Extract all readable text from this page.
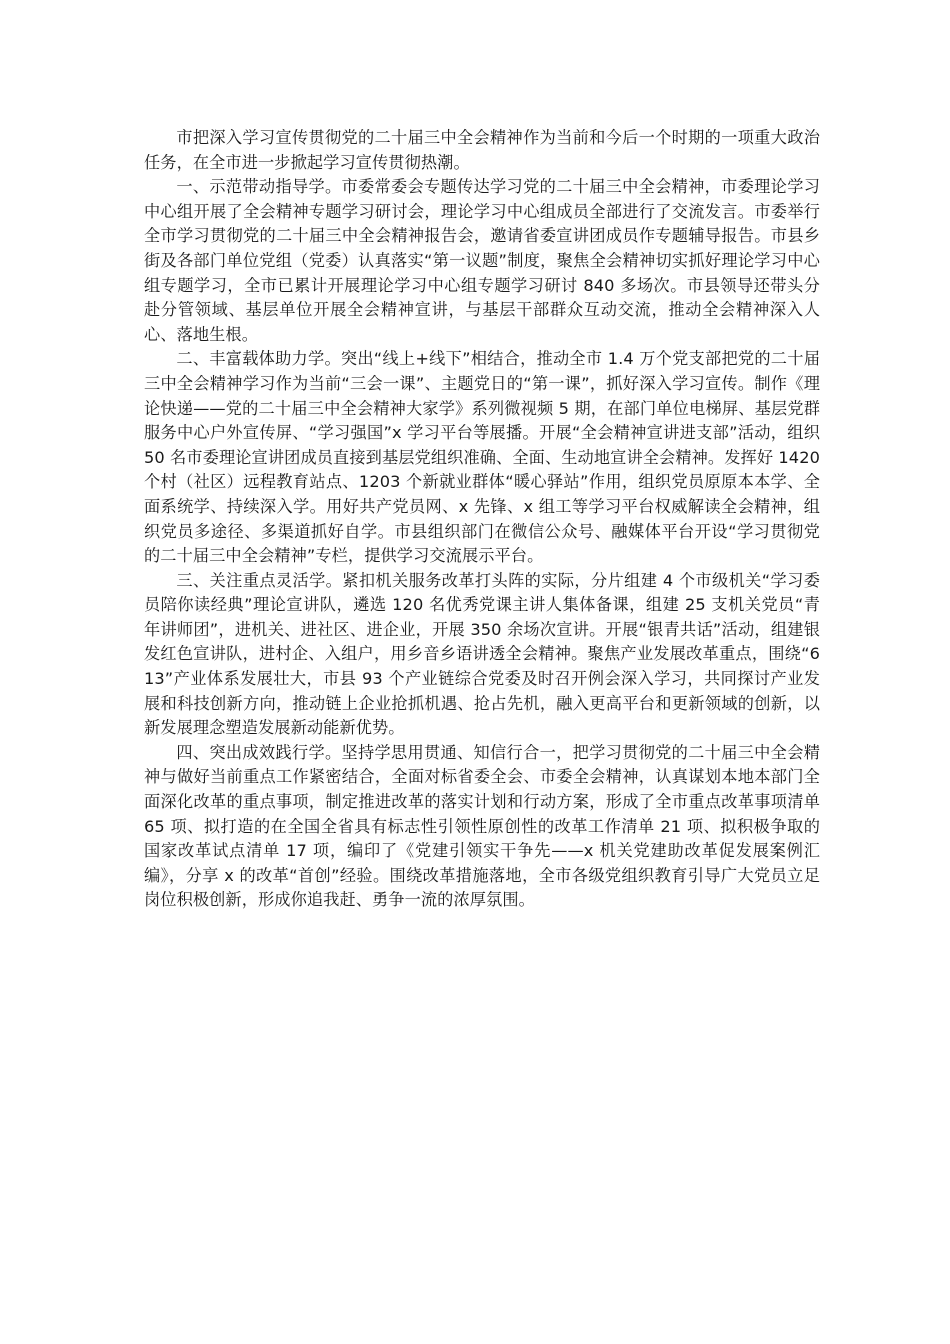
市把深入学习宣传贯彻党的二十届三中全会精神作为当前和今后一个时期的一项重大政治任务，在全市进一步掀起学习宣传贯彻热潮。

一、示范带动指导学。市委常委会专题传达学习党的二十届三中全会精神，市委理论学习中心组开展了全会精神专题学习研讨会，理论学习中心组成员全部进行了交流发言。市委举行全市学习贯彻党的二十届三中全会精神报告会，邀请省委宣讲团成员作专题辅导报告。市县乡街及各部门单位党组（党委）认真落实“第一议题”制度，聚焦全会精神切实抓好理论学习中心组专题学习，全市已累计开展理论学习中心组专题学习研讨 840 多场次。市县领导还带头分赴分管领域、基层单位开展全会精神宣讲，与基层干部群众互动交流，推动全会精神深入人心、落地生根。

二、丰富载体助力学。突出“线上+线下”相结合，推动全市 1.4 万个党支部把党的二十届三中全会精神学习作为当前“三会一课”、主题党日的“第一课”，抓好深入学习宣传。制作《理论快递——党的二十届三中全会精神大家学》系列微视频 5 期，在部门单位电梯屏、基层党群服务中心户外宣传屏、“学习强国”x 学习平台等展播。开展“全会精神宣讲进支部”活动，组织 50 名市委理论宣讲团成员直接到基层党组织准确、全面、生动地宣讲全会精神。发挥好 1420 个村（社区）远程教育站点、1203 个新就业群体“暖心驿站”作用，组织党员原原本本学、全面系统学、持续深入学。用好共产党员网、x 先锋、x 组工等学习平台权威解读全会精神，组织党员多途径、多渠道抓好自学。市县组织部门在微信公众号、融媒体平台开设“学习贯彻党的二十届三中全会精神”专栏，提供学习交流展示平台。

三、关注重点灵活学。紧扣机关服务改革打头阵的实际，分片组建 4 个市级机关“学习委员陪你读经典”理论宣讲队，遴选 120 名优秀党课主讲人集体备课，组建 25 支机关党员“青年讲师团”，进机关、进社区、进企业，开展 350 余场次宣讲。开展“银青共话”活动，组建银发红色宣讲队，进村企、入组户，用乡音乡语讲透全会精神。聚焦产业发展改革重点，围绕“613”产业体系发展壮大，市县 93 个产业链综合党委及时召开例会深入学习，共同探讨产业发展和科技创新方向，推动链上企业抢抓机遇、抢占先机，融入更高平台和更新领域的创新，以新发展理念塑造发展新动能新优势。

四、突出成效践行学。坚持学思用贯通、知信行合一，把学习贯彻党的二十届三中全会精神与做好当前重点工作紧密结合，全面对标省委全会、市委全会精神，认真谋划本地本部门全面深化改革的重点事项，制定推进改革的落实计划和行动方案，形成了全市重点改革事项清单 65 项、拟打造的在全国全省具有标志性引领性原创性的改革工作清单 21 项、拟积极争取的国家改革试点清单 17 项，编印了《党建引领实干争先——x 机关党建助改革促发展案例汇编》，分享 x 的改革“首创”经验。围绕改革措施落地，全市各级党组织教育引导广大党员立足岗位积极创新，形成你追我赶、勇争一流的浓厚氛围。
